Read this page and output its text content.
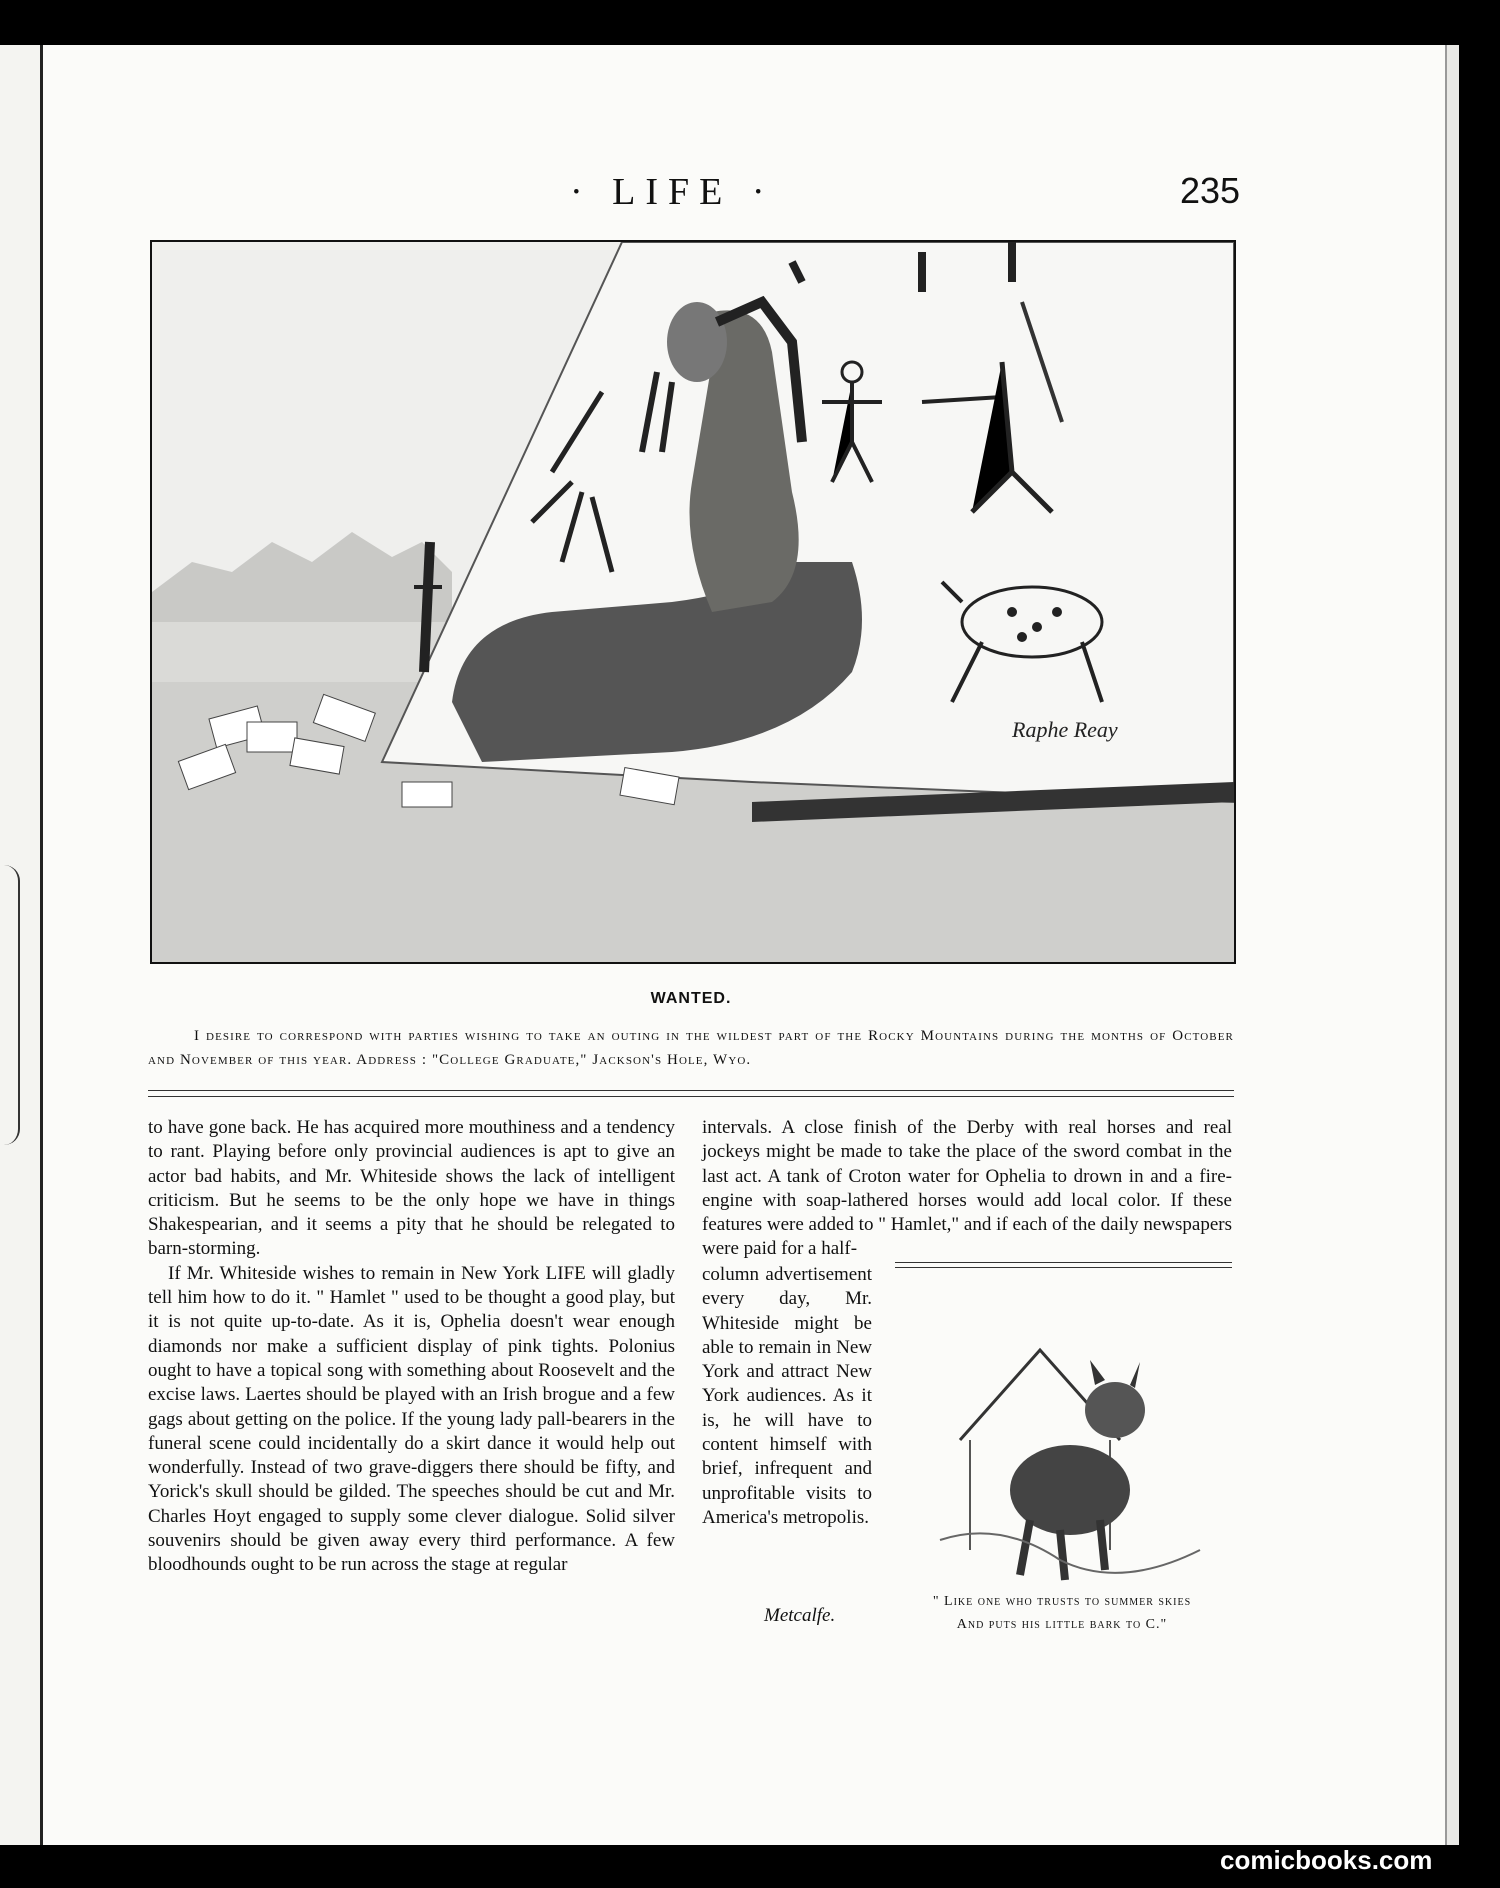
· LIFE ·	235
Raphe Reay
WANTED.
I desire to correspond with parties wishing to take an outing in the wildest part of the Rocky Mountains during the months of October and November of this year. Address : "College Graduate," Jackson's Hole, Wyo.

to have gone back. He has acquired more mouthiness and a tendency to rant. Playing before only provincial audiences is apt to give an actor bad habits, and Mr. Whiteside shows the lack of intelligent criticism. But he seems to be the only hope we have in things Shakespearian, and it seems a pity that he should be relegated to barn-storming.

If Mr. Whiteside wishes to remain in New York LIFE will gladly tell him how to do it. " Hamlet " used to be thought a good play, but it is not quite up-to-date. As it is, Ophelia doesn't wear enough diamonds nor make a sufficient display of pink tights. Polonius ought to have a topical song with something about Roosevelt and the excise laws. Laertes should be played with an Irish brogue and a few gags about getting on the police. If the young lady pall-bearers in the funeral scene could incidentally do a skirt dance it would help out wonderfully. Instead of two grave-diggers there should be fifty, and Yorick's skull should be gilded. The speeches should be cut and Mr. Charles Hoyt engaged to supply some clever dialogue. Solid silver souvenirs should be given away every third performance. A few bloodhounds ought to be run across the stage at regular

intervals. A close finish of the Derby with real horses and real jockeys might be made to take the place of the sword combat in the last act. A tank of Croton water for Ophelia to drown in and a fire-engine with soap-lathered horses would add local color. If these features were added to " Hamlet," and if each of the daily newspapers were paid for a half-

column advertisement every day, Mr. Whiteside might be able to remain in New York and attract New York audiences. As it is, he will have to content himself with brief, infrequent and unprofitable visits to America's metropolis.

Metcalfe.
" Like one who trusts to summer skies
And puts his little bark to C."
comicbooks.com
